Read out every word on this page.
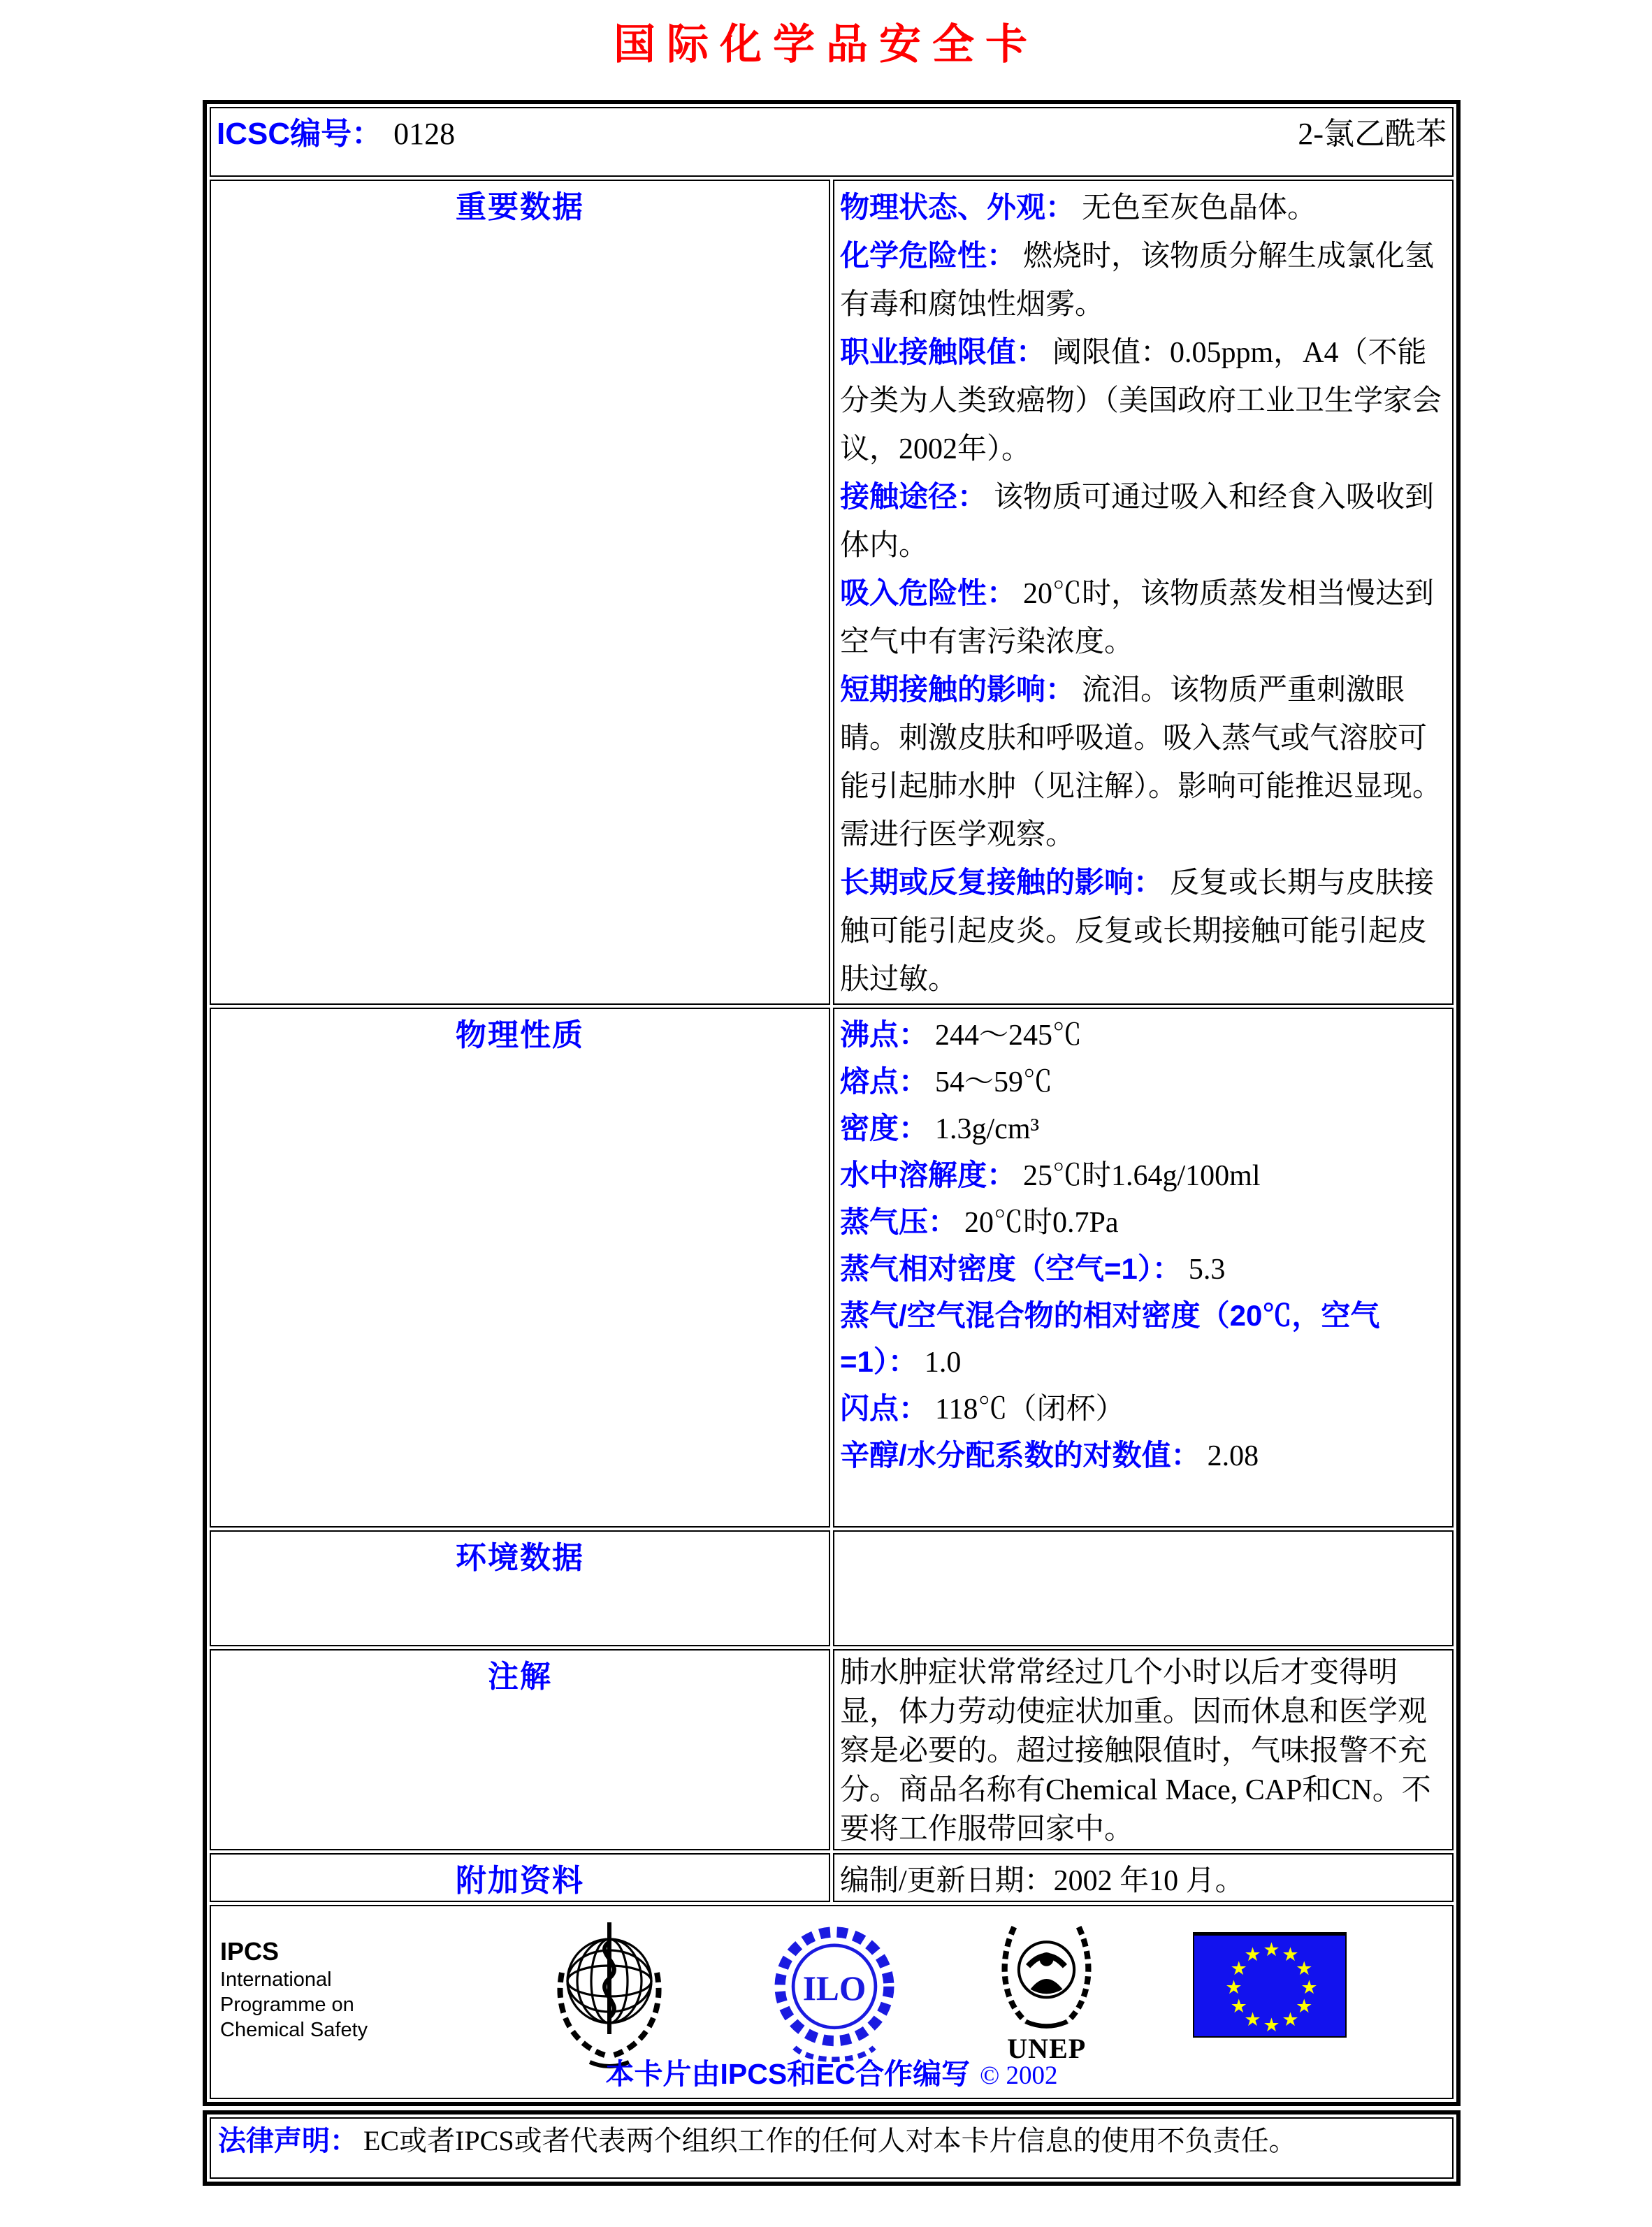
国际化学品安全卡
ICSC编号： 0128 2-氯乙酰苯	

重要数据	物理状态、外观： 无色至灰色晶体。
化学危险性： 燃烧时，该物质分解生成氯化氢有毒和腐蚀性烟雾。
职业接触限值： 阈限值：0.05ppm，A4（不能分类为人类致癌物）（美国政府工业卫生学家会议，2002年）。
接触途径： 该物质可通过吸入和经食入吸收到体内。
吸入危险性： 20℃时，该物质蒸发相当慢达到空气中有害污染浓度。
短期接触的影响： 流泪。该物质严重刺激眼睛。刺激皮肤和呼吸道。吸入蒸气或气溶胶可能引起肺水肿（见注解）。影响可能推迟显现。需进行医学观察。
长期或反复接触的影响： 反复或长期与皮肤接触可能引起皮炎。反复或长期接触可能引起皮肤过敏。

物理性质	沸点： 244～245℃
熔点： 54～59℃
密度： 1.3g/cm³
水中溶解度： 25℃时1.64g/100ml
蒸气压： 20℃时0.7Pa
蒸气相对密度（空气=1）： 5.3
蒸气/空气混合物的相对密度（20℃，空气=1）： 1.0
闪点： 118℃（闭杯）
辛醇/水分配系数的对数值： 2.08

环境数据	
注解	肺水肿症状常常经过几个小时以后才变得明显，体力劳动使症状加重。因而休息和医学观察是必要的。超过接触限值时，气味报警不充分。商品名称有Chemical Mace, CAP和CN。不要将工作服带回家中。
附加资料	编制/更新日期：2002 年10 月。

IPCS
International
Programme on
Chemical Safety
ILO
UNEP
★ ★
★
★
★
★
★
★
★
★
★
★
本卡片由IPCS和EC合作编写 © 2002
法律声明： EC或者IPCS或者代表两个组织工作的任何人对本卡片信息的使用不负责任。
